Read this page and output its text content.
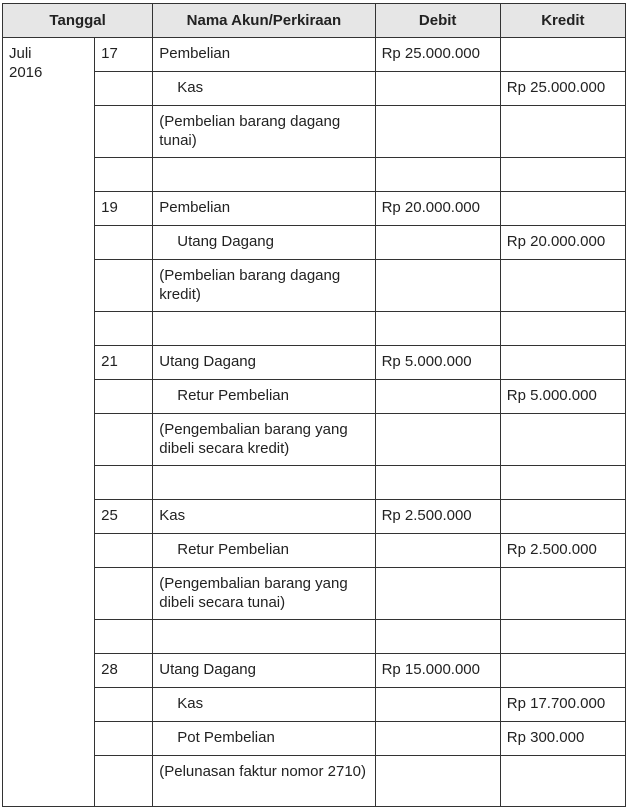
Tanggal		Nama Akun/Perkiraan	Debit	Kredit

Juli
2016	17	Pembelian	Rp 25.000.000	
		Kas		Rp 25.000.000
		(Pembelian barang dagang tunai)		

	19	Pembelian	Rp 20.000.000	
		Utang Dagang		Rp 20.000.000
		(Pembelian barang dagang kredit)		

	21	Utang Dagang	Rp 5.000.000	
		Retur Pembelian		Rp 5.000.000
		(Pengembalian barang yang dibeli secara kredit)		

	25	Kas	Rp 2.500.000	
		Retur Pembelian		Rp 2.500.000
		(Pengembalian barang yang dibeli secara tunai)		

	28	Utang Dagang	Rp 15.000.000	
		Kas		Rp 17.700.000
		Pot Pembelian		Rp 300.000
		(Pelunasan faktur nomor 2710)		
